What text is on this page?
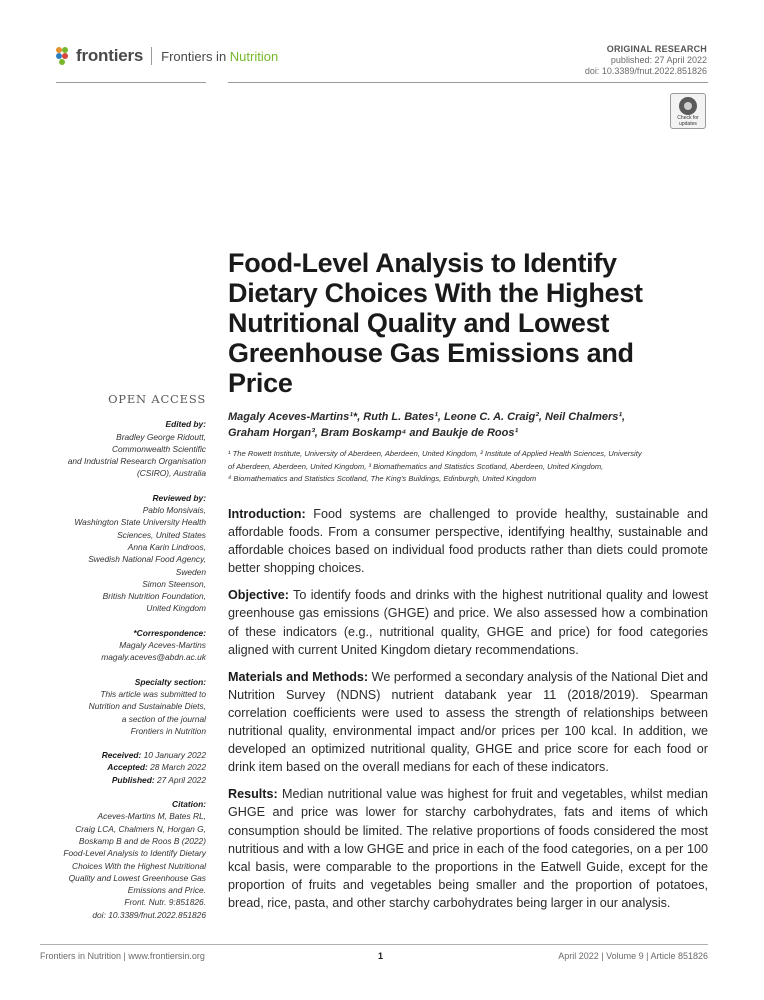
frontiers Frontiers in Nutrition	ORIGINAL RESEARCH
published: 27 April 2022
doi: 10.3389/fnut.2022.851826
Check for updates
Food-Level Analysis to Identify Dietary Choices With the Highest Nutritional Quality and Lowest Greenhouse Gas Emissions and Price
Magaly Aceves-Martins¹*, Ruth L. Bates¹, Leone C. A. Craig², Neil Chalmers¹,
Graham Horgan³, Bram Boskamp⁴ and Baukje de Roos¹
¹ The Rowett Institute, University of Aberdeen, Aberdeen, United Kingdom, ² Institute of Applied Health Sciences, University
of Aberdeen, Aberdeen, United Kingdom, ³ Biomathematics and Statistics Scotland, Aberdeen, United Kingdom,
⁴ Biomathematics and Statistics Scotland, The King's Buildings, Edinburgh, United Kingdom
OPEN ACCESS
Edited by:
Bradley George Ridoutt,
Commonwealth Scientific
and Industrial Research Organisation
(CSIRO), Australia
Reviewed by:
Pablo Monsivais,
Washington State University Health
Sciences, United States
Anna Karin Lindroos,
Swedish National Food Agency,
Sweden
Simon Steenson,
British Nutrition Foundation,
United Kingdom
*Correspondence:
Magaly Aceves-Martins
magaly.aceves@abdn.ac.uk
Specialty section:
This article was submitted to
Nutrition and Sustainable Diets,
a section of the journal
Frontiers in Nutrition
Received: 10 January 2022
Accepted: 28 March 2022
Published: 27 April 2022
Citation:
Aceves-Martins M, Bates RL,
Craig LCA, Chalmers N, Horgan G,
Boskamp B and de Roos B (2022)
Food-Level Analysis to Identify Dietary
Choices With the Highest Nutritional
Quality and Lowest Greenhouse Gas
Emissions and Price.
Front. Nutr. 9:851826.
doi: 10.3389/fnut.2022.851826

Introduction: Food systems are challenged to provide healthy, sustainable and affordable foods. From a consumer perspective, identifying healthy, sustainable and affordable choices based on individual food products rather than diets could promote better shopping choices.

Objective: To identify foods and drinks with the highest nutritional quality and lowest greenhouse gas emissions (GHGE) and price. We also assessed how a combination of these indicators (e.g., nutritional quality, GHGE and price) for food categories aligned with current United Kingdom dietary recommendations.

Materials and Methods: We performed a secondary analysis of the National Diet and Nutrition Survey (NDNS) nutrient databank year 11 (2018/2019). Spearman correlation coefficients were used to assess the strength of relationships between nutritional quality, environmental impact and/or prices per 100 kcal. In addition, we developed an optimized nutritional quality, GHGE and price score for each food or drink item based on the overall medians for each of these indicators.

Results: Median nutritional value was highest for fruit and vegetables, whilst median GHGE and price was lower for starchy carbohydrates, fats and items of which consumption should be limited. The relative proportions of foods considered the most nutritious and with a low GHGE and price in each of the food categories, on a per 100 kcal basis, were comparable to the proportions in the Eatwell Guide, except for the proportion of fruits and vegetables being smaller and the proportion of potatoes, bread, rice, pasta, and other starchy carbohydrates being larger in our analysis.

Frontiers in Nutrition | www.frontiersin.org	1	April 2022 | Volume 9 | Article 851826
